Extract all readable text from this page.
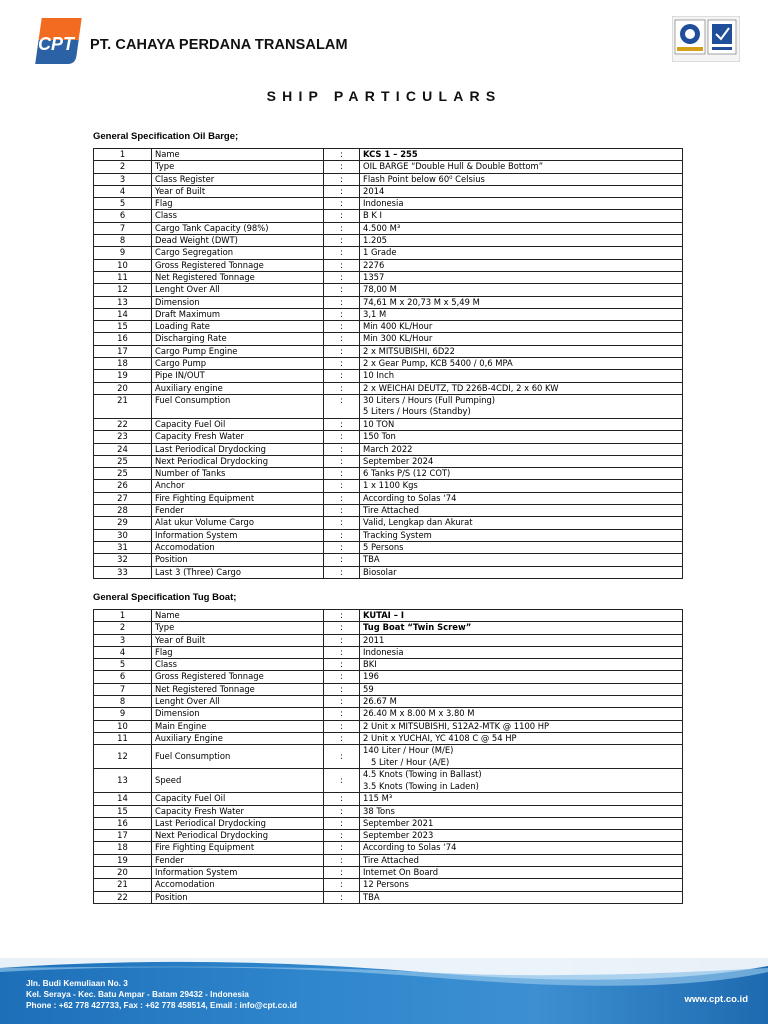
CPT PT. CAHAYA PERDANA TRANSALAM
SHIP PARTICULARS
General Specification Oil Barge;
1	Name	:	KCS 1 – 255
2	Type	:	OIL BARGE “Double Hull & Double Bottom”
3	Class Register	:	Flash Point below 60⁰ Celsius
4	Year of Built	:	2014
5	Flag	:	Indonesia
6	Class	:	B K I
7	Cargo Tank Capacity (98%)	:	4.500 M³
8	Dead Weight (DWT)	:	1.205
9	Cargo Segregation	:	1 Grade
10	Gross Registered Tonnage	:	2276
11	Net Registered Tonnage	:	1357
12	Lenght Over All	:	78,00 M
13	Dimension	:	74,61 M x 20,73 M x 5,49 M
14	Draft Maximum	:	3,1 M
15	Loading Rate	:	Min 400 KL/Hour
16	Discharging Rate	:	Min 300 KL/Hour
17	Cargo Pump Engine	:	2 x MITSUBISHI, 6D22
18	Cargo Pump	:	2 x Gear Pump, KCB 5400 / 0,6 MPA
19	Pipe IN/OUT	:	10 Inch
20	Auxiliary engine	:	2 x WEICHAI DEUTZ, TD 226B-4CDI, 2 x 60 KW
21	Fuel Consumption	:	30 Liters / Hours (Full Pumping)
5 Liters / Hours (Standby)
22	Capacity Fuel Oil	:	10 TON
23	Capacity Fresh Water	:	150 Ton
24	Last Periodical Drydocking	:	March 2022
25	Next Periodical Drydocking	:	September 2024
25	Number of Tanks	:	6 Tanks P/S (12 COT)
26	Anchor	:	1 x 1100 Kgs
27	Fire Fighting Equipment	:	According to Solas ‘74
28	Fender	:	Tire Attached
29	Alat ukur Volume Cargo	:	Valid, Lengkap dan Akurat
30	Information System	:	Tracking System
31	Accomodation	:	5 Persons
32	Position	:	TBA
33	Last 3 (Three) Cargo	:	Biosolar
General Specification Tug Boat;
1	Name	:	KUTAI – I
2	Type	:	Tug Boat “Twin Screw”
3	Year of Built	:	2011
4	Flag	:	Indonesia
5	Class	:	BKI
6	Gross Registered Tonnage	:	196
7	Net Registered Tonnage	:	59
8	Lenght Over All	:	26.67 M
9	Dimension	:	26.40 M x 8.00 M x 3.80 M
10	Main Engine	:	2 Unit x MITSUBISHI, S12A2-MTK @ 1100 HP
11	Auxiliary Engine	:	2 Unit x YUCHAI, YC 4108 C @ 54 HP
12	Fuel Consumption	:	140 Liter / Hour (M/E)
5 Liter / Hour (A/E)
13	Speed	:	4.5 Knots (Towing in Ballast)
3.5 Knots (Towing in Laden)
14	Capacity Fuel Oil	:	115 M³
15	Capacity Fresh Water	:	38 Tons
16	Last Periodical Drydocking	:	September 2021
17	Next Periodical Drydocking	:	September 2023
18	Fire Fighting Equipment	:	According to Solas ‘74
19	Fender	:	Tire Attached
20	Information System	:	Internet On Board
21	Accomodation	:	12 Persons
22	Position	:	TBA
Jln. Budi Kemuliaan No. 3
Kel. Seraya - Kec. Batu Ampar - Batam 29432 - Indonesia
Phone : +62 778 427733, Fax : +62 778 458514, Email : info@cpt.co.id	www.cpt.co.id
